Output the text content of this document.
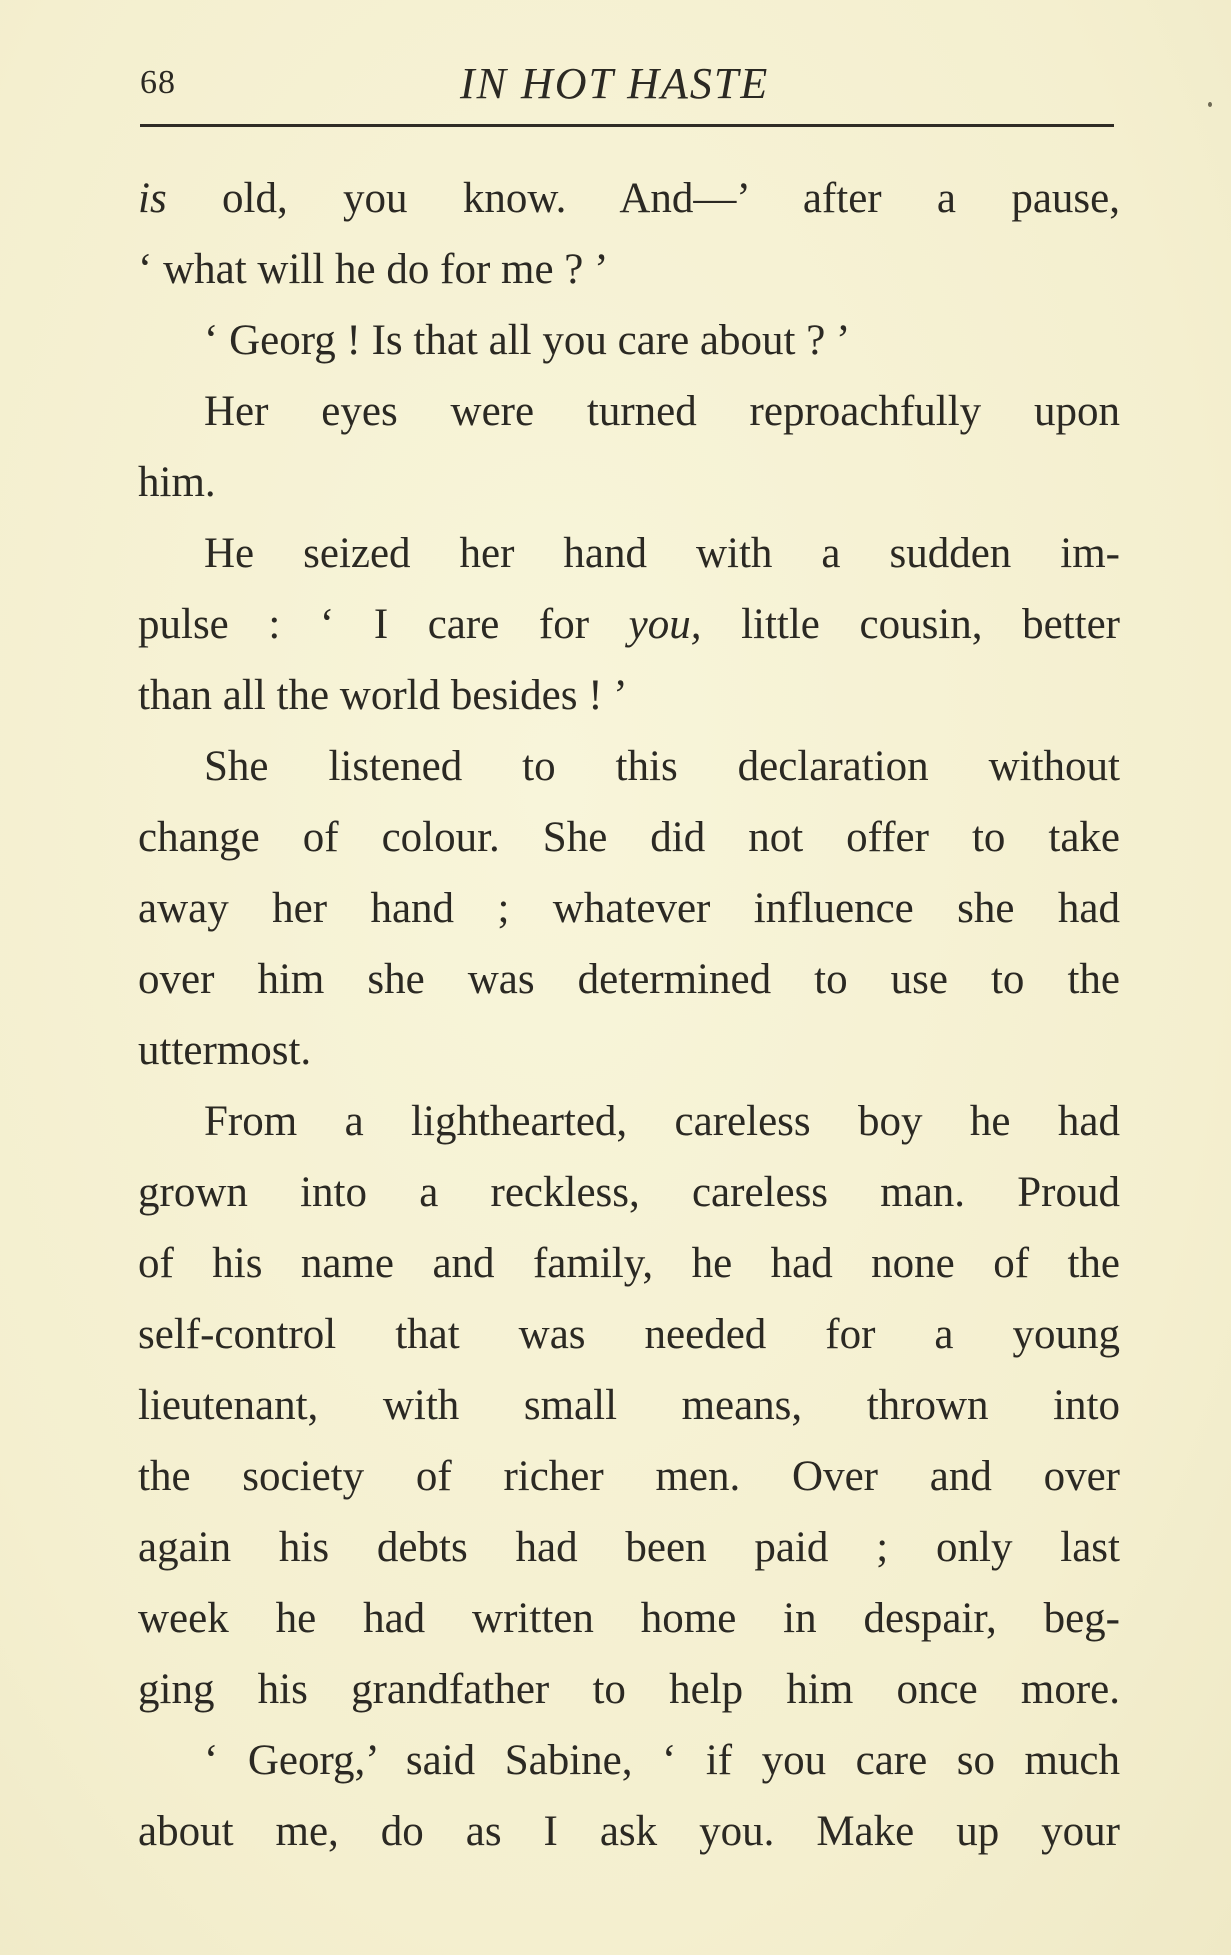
68	IN HOT HASTE
is old, you know. And—’ after a pause,
‘ what will he do for me ? ’
‘ Georg ! Is that all you care about ? ’
Her eyes were turned reproachfully upon
him.
He seized her hand with a sudden im-
pulse : ‘ I care for you, little cousin, better
than all the world besides ! ’
She listened to this declaration without
change of colour. She did not offer to take
away her hand ; whatever influence she had
over him she was determined to use to the
uttermost.
From a lighthearted, careless boy he had
grown into a reckless, careless man. Proud
of his name and family, he had none of the
self-control that was needed for a young
lieutenant, with small means, thrown into
the society of richer men. Over and over
again his debts had been paid ; only last
week he had written home in despair, beg-
ging his grandfather to help him once more.
‘ Georg,’ said Sabine, ‘ if you care so much
about me, do as I ask you. Make up your
